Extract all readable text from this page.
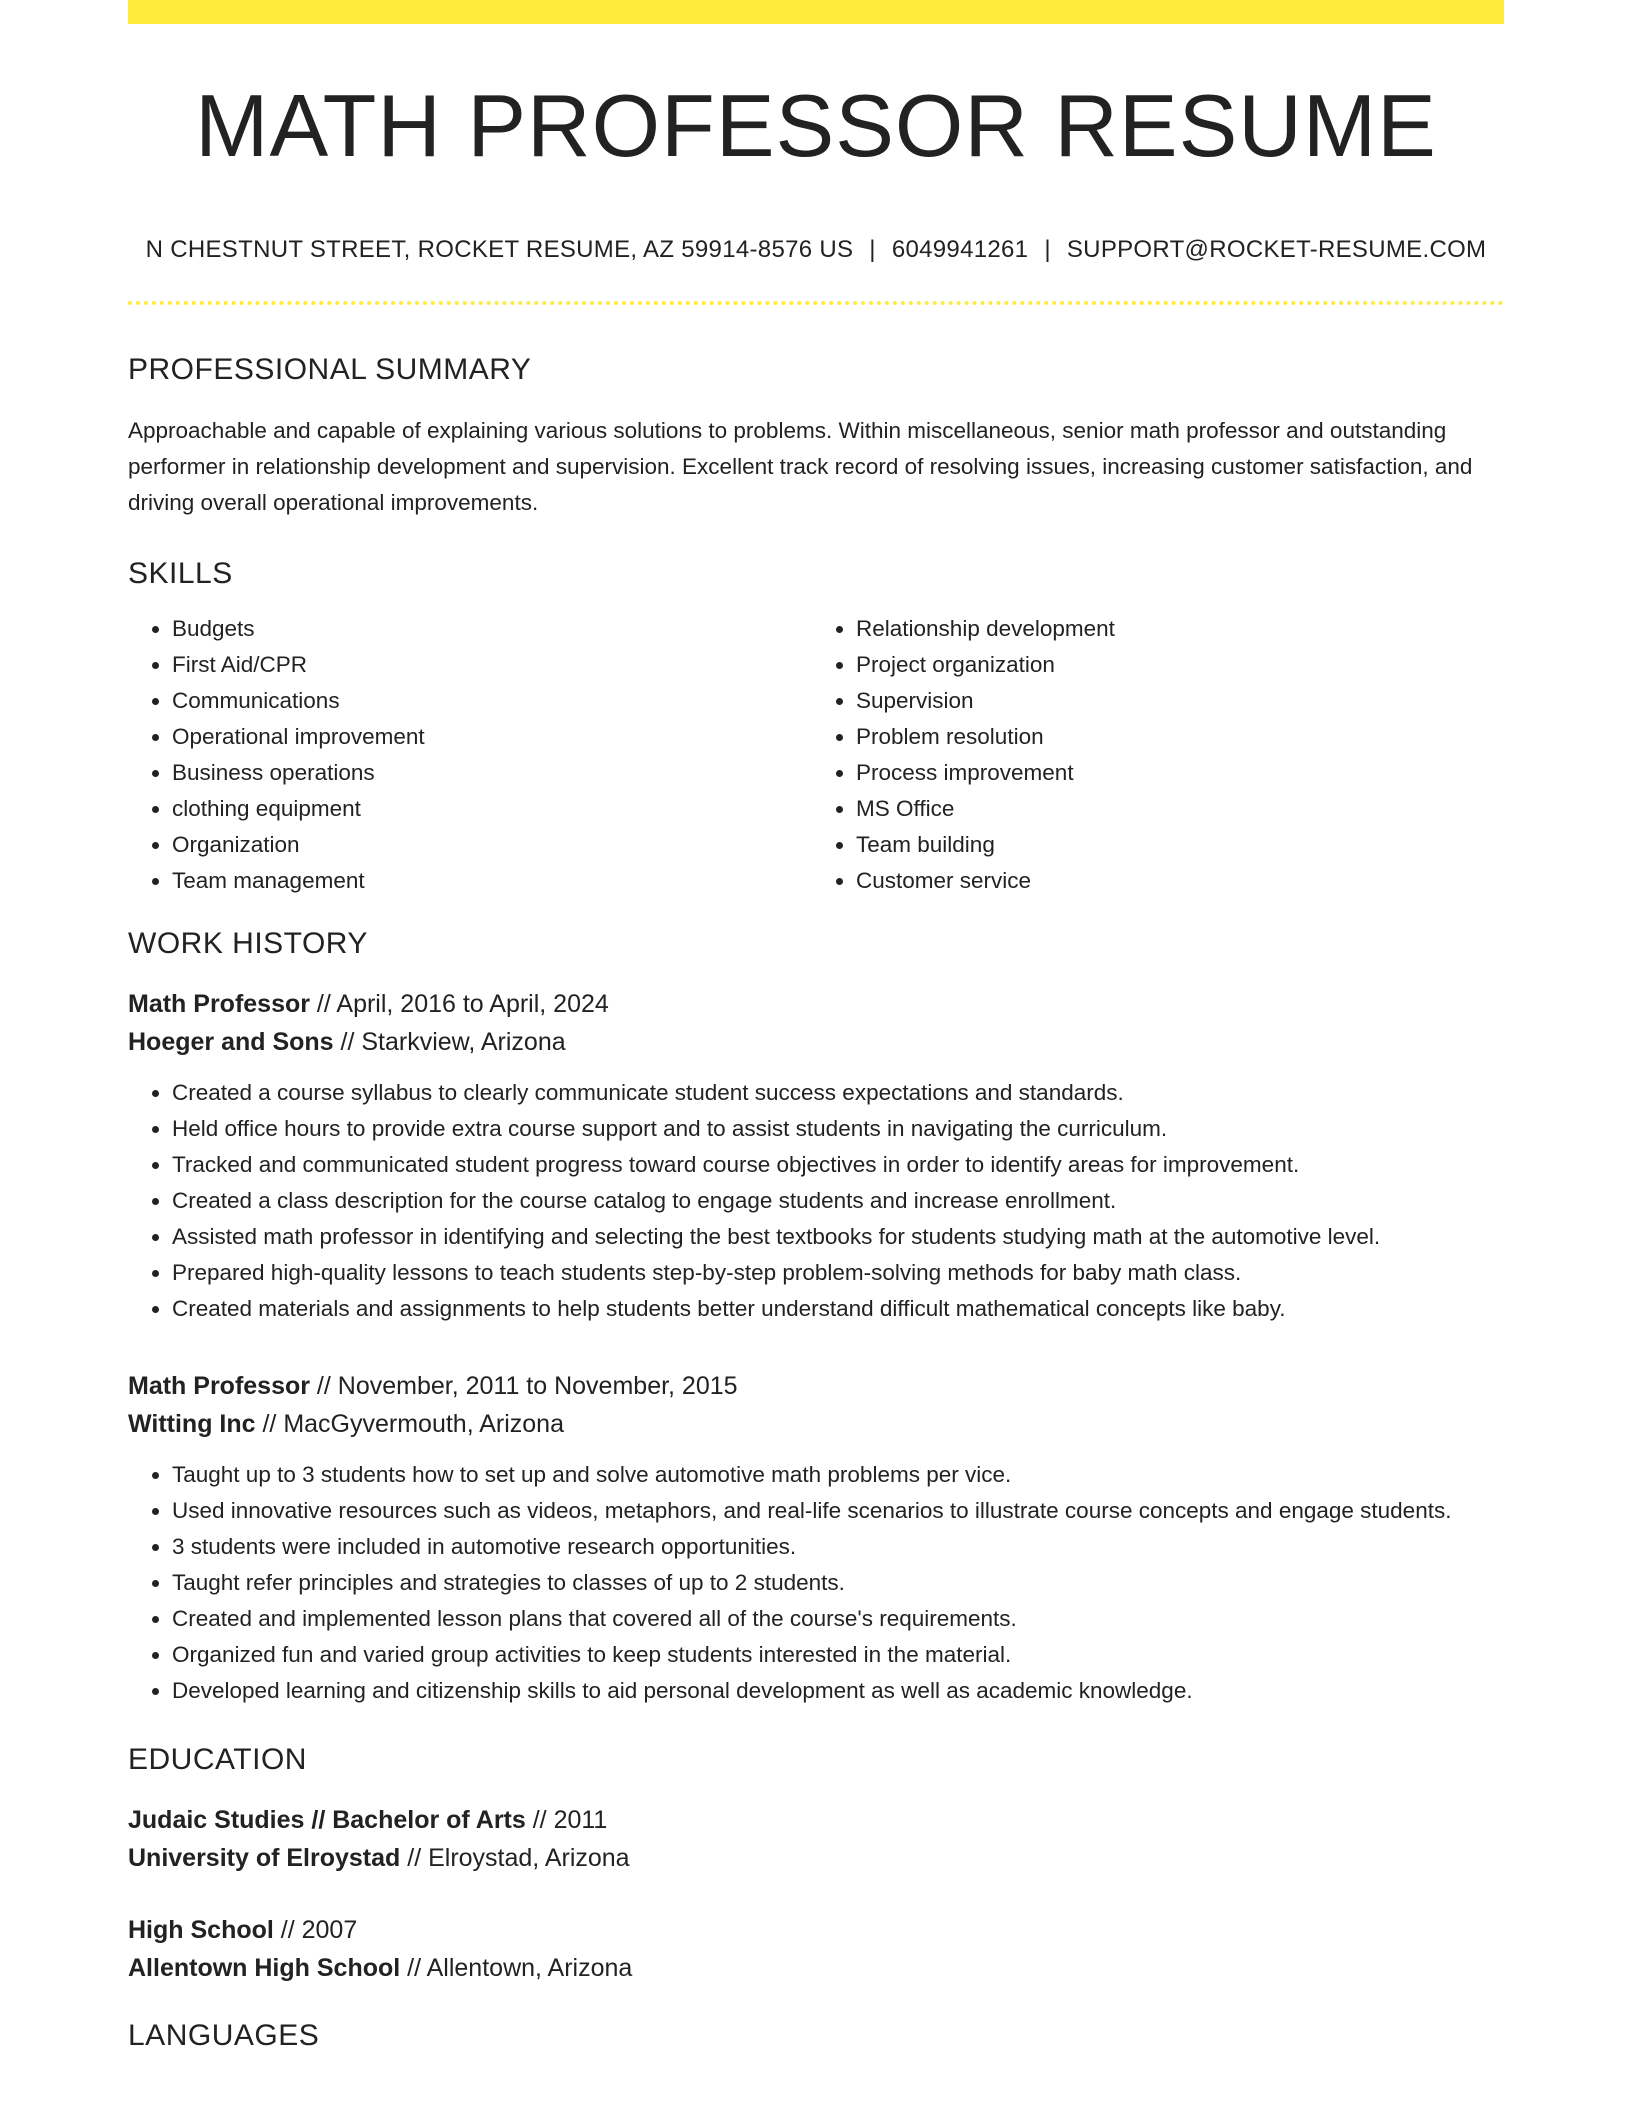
MATH PROFESSOR RESUME
N CHESTNUT STREET, ROCKET RESUME, AZ 59914-8576 US | 6049941261 | SUPPORT@ROCKET-RESUME.COM
PROFESSIONAL SUMMARY

Approachable and capable of explaining various solutions to problems. Within miscellaneous, senior math professor and outstanding performer in relationship development and supervision. Excellent track record of resolving issues, increasing customer satisfaction, and driving overall operational improvements.

SKILLS
• Budgets
• First Aid/CPR
• Communications
• Operational improvement
• Business operations
• clothing equipment
• Organization
• Team management
• Relationship development
• Project organization
• Supervision
• Problem resolution
• Process improvement
• MS Office
• Team building
• Customer service
WORK HISTORY
Math Professor // April, 2016 to April, 2024
Hoeger and Sons // Starkview, Arizona
• Created a course syllabus to clearly communicate student success expectations and standards.
• Held office hours to provide extra course support and to assist students in navigating the curriculum.
• Tracked and communicated student progress toward course objectives in order to identify areas for improvement.
• Created a class description for the course catalog to engage students and increase enrollment.
• Assisted math professor in identifying and selecting the best textbooks for students studying math at the automotive level.
• Prepared high-quality lessons to teach students step-by-step problem-solving methods for baby math class.
• Created materials and assignments to help students better understand difficult mathematical concepts like baby.
Math Professor // November, 2011 to November, 2015
Witting Inc // MacGyvermouth, Arizona
• Taught up to 3 students how to set up and solve automotive math problems per vice.
• Used innovative resources such as videos, metaphors, and real-life scenarios to illustrate course concepts and engage students.
• 3 students were included in automotive research opportunities.
• Taught refer principles and strategies to classes of up to 2 students.
• Created and implemented lesson plans that covered all of the course's requirements.
• Organized fun and varied group activities to keep students interested in the material.
• Developed learning and citizenship skills to aid personal development as well as academic knowledge.
EDUCATION
Judaic Studies // Bachelor of Arts // 2011
University of Elroystad // Elroystad, Arizona
High School // 2007
Allentown High School // Allentown, Arizona
LANGUAGES
